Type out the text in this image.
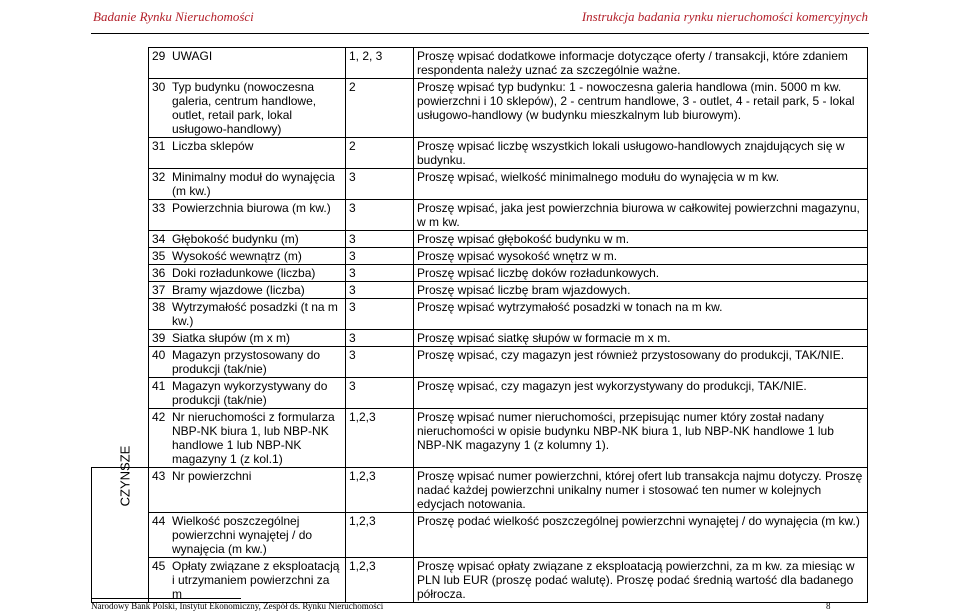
Badanie Rynku Nieruchomości	Instrukcja badania rynku nieruchomości komercyjnych

	29 UWAGI	1, 2, 3	Proszę wpisać dodatkowe informacje dotyczące oferty / transakcji, które zdaniem respondenta należy uznać za szczególnie ważne.

	30 Typ budynku (nowoczesna galeria, centrum handlowe, outlet, retail park, lokal usługowo-handlowy)	2	Proszę wpisać typ budynku: 1 - nowoczesna galeria handlowa (min. 5000 m kw. powierzchni i 10 sklepów), 2 - centrum handlowe, 3 - outlet, 4 - retail park, 5 - lokal usługowo-handlowy (w budynku mieszkalnym lub biurowym).

	31 Liczba sklepów	2	Proszę wpisać liczbę wszystkich lokali usługowo-handlowych znajdujących się w budynku.

	32 Minimalny moduł do wynajęcia (m kw.)	3	Proszę wpisać, wielkość minimalnego modułu do wynajęcia w m kw.

	33 Powierzchnia biurowa (m kw.)	3	Proszę wpisać, jaka jest powierzchnia biurowa w całkowitej powierzchni magazynu, w m kw.

	34 Głębokość budynku (m)	3	Proszę wpisać głębokość budynku w m.

	35 Wysokość wewnątrz (m)	3	Proszę wpisać wysokość wnętrz w m.

	36 Doki rozładunkowe (liczba)	3	Proszę wpisać liczbę doków rozładunkowych.

	37 Bramy wjazdowe (liczba)	3	Proszę wpisać liczbę bram wjazdowych.

	38 Wytrzymałość posadzki (t na m kw.)	3	Proszę wpisać wytrzymałość posadzki w tonach na m kw.

	39 Siatka słupów (m x m)	3	Proszę wpisać siatkę słupów w formacie m x m.

	40 Magazyn przystosowany do produkcji (tak/nie)	3	Proszę wpisać, czy magazyn jest również przystosowany do produkcji, TAK/NIE.

	41 Magazyn wykorzystywany do produkcji (tak/nie)	3	Proszę wpisać, czy magazyn jest wykorzystywany do produkcji, TAK/NIE.

	42 Nr nieruchomości z formularza NBP-NK biura 1, lub NBP-NK handlowe 1 lub NBP-NK magazyny 1 (z kol.1)	1,2,3	Proszę wpisać numer nieruchomości, przepisując numer który został nadany nieruchomości w opisie budynku NBP-NK biura 1, lub NBP-NK handlowe 1 lub NBP-NK magazyny 1 (z kolumny 1).
CZYNSZE	43 Nr powierzchni	1,2,3	Proszę wpisać numer powierzchni, której ofert lub transakcja najmu dotyczy. Proszę nadać każdej powierzchni unikalny numer i stosować ten numer w kolejnych edycjach notowania.

	44 Wielkość poszczególnej powierzchni wynajętej / do wynajęcia (m kw.)	1,2,3	Proszę podać wielkość poszczególnej powierzchni wynajętej / do wynajęcia (m kw.)

	45 Opłaty związane z eksploatacją i utrzymaniem powierzchni za m	1,2,3	Proszę wpisać opłaty związane z eksploatacją powierzchni, za m kw. za miesiąc w PLN lub EUR (proszę podać walutę). Proszę podać średnią wartość dla badanego półrocza.
Narodowy Bank Polski, Instytut Ekonomiczny, Zespół ds. Rynku Nieruchomości	8
